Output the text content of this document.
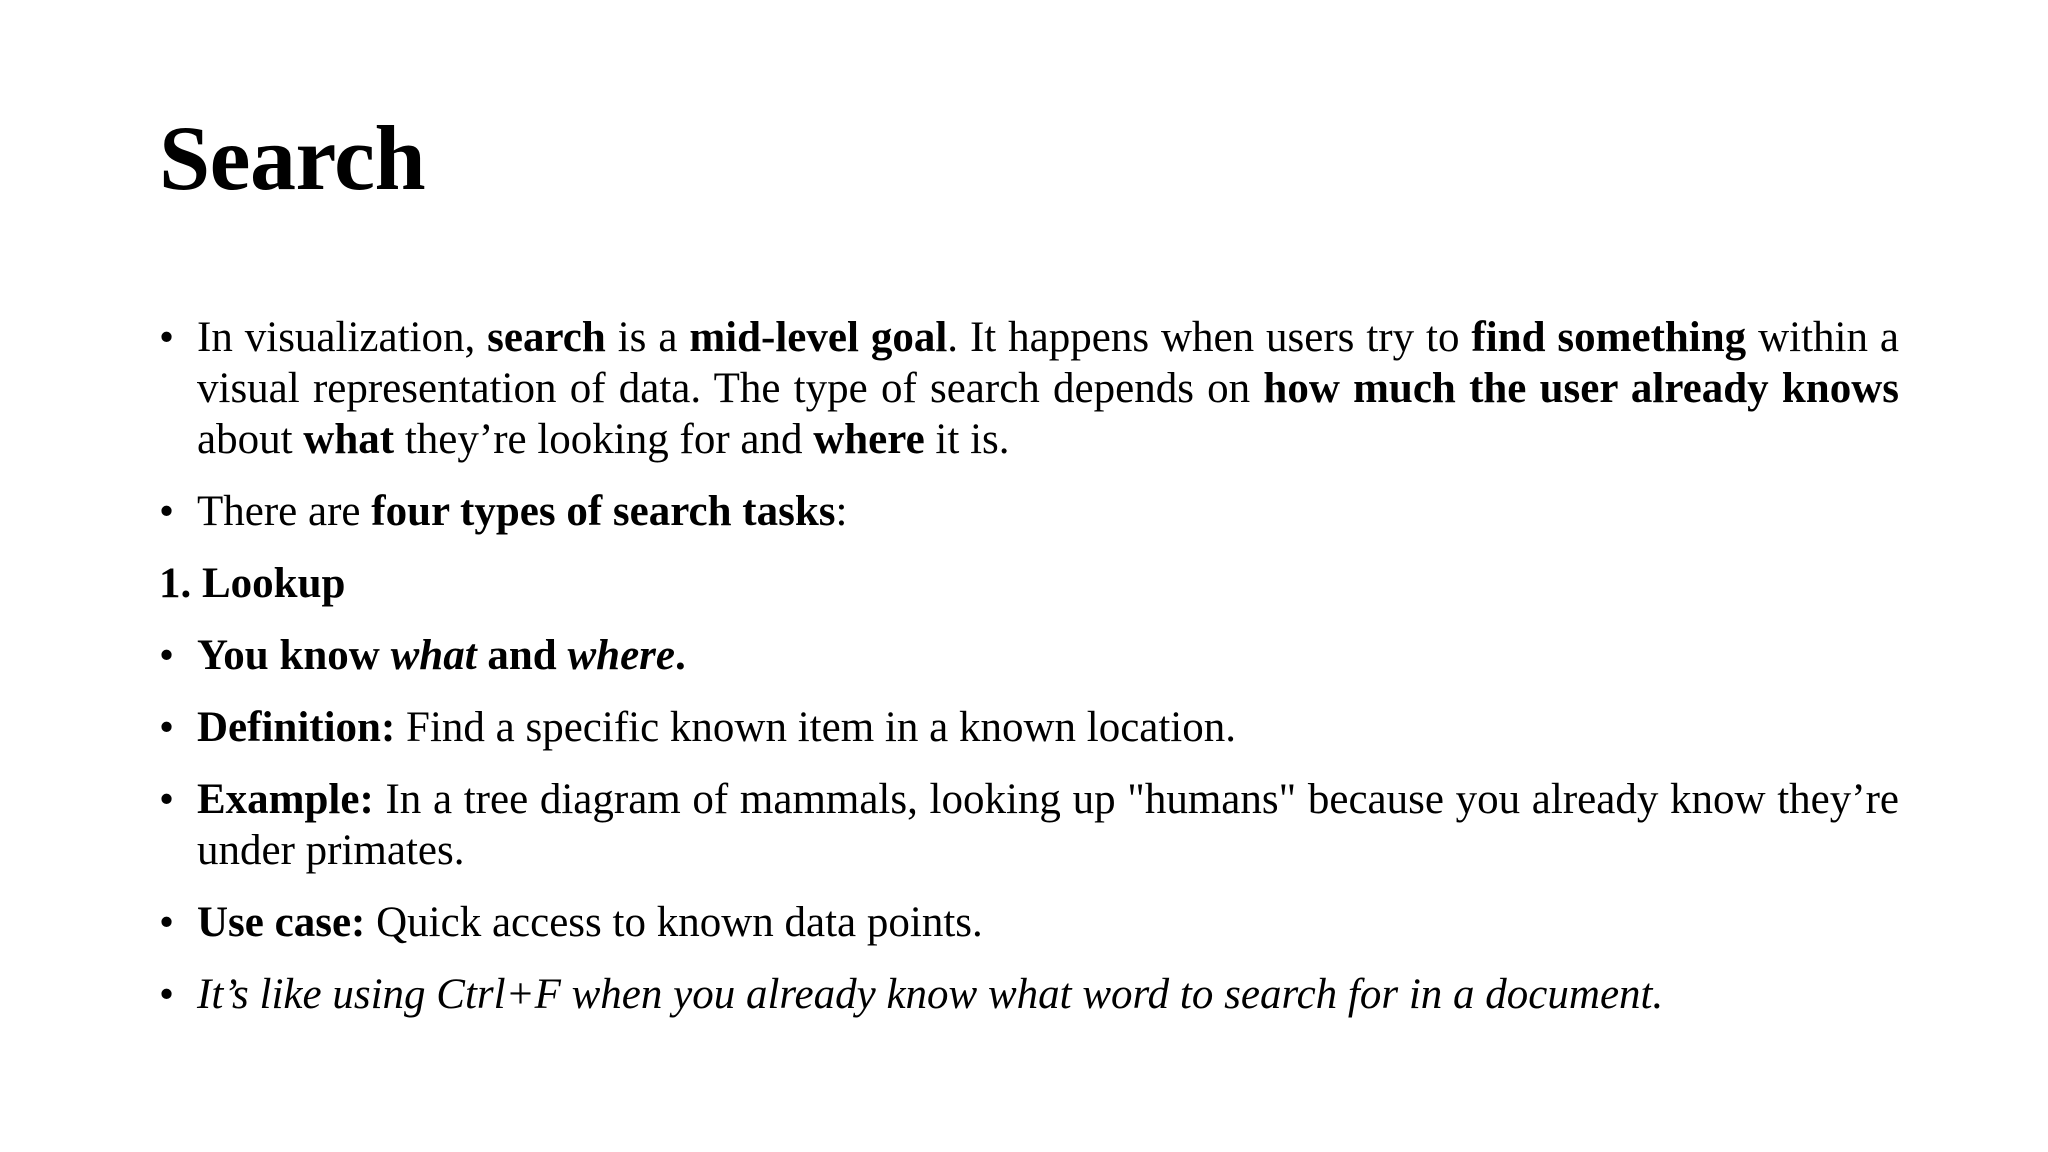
Search
• In visualization, search is a mid-level goal. It happens when users try to find something within a visual representation of data. The type of search depends on how much the user already knows about what they’re looking for and where it is.
• There are four types of search tasks:
1. Lookup
• You know what and where.
• Definition: Find a specific known item in a known location.
• Example: In a tree diagram of mammals, looking up "humans" because you already know they’re under primates.
• Use case: Quick access to known data points.
• It’s like using Ctrl+F when you already know what word to search for in a document.
